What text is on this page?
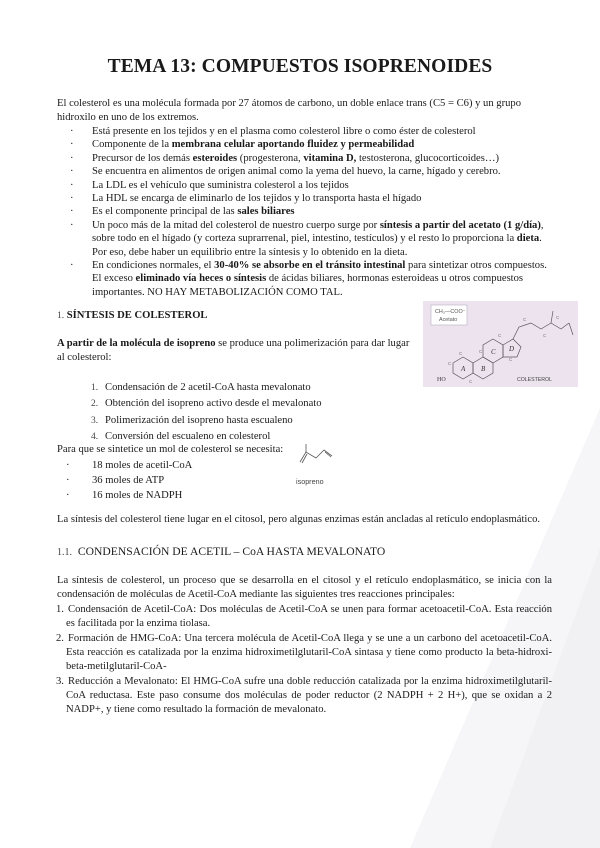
TEMA 13: COMPUESTOS ISOPRENOIDES
El colesterol es una molécula formada por 27 átomos de carbono, un doble enlace trans (C5 = C6) y un grupo hidroxilo en uno de los extremos.
· Está presente en los tejidos y en el plasma como colesterol libre o como éster de colesterol
· Componente de la membrana celular aportando fluidez y permeabilidad
· Precursor de los demás esteroides (progesterona, vitamina D, testosterona, glucocorticoides…)
· Se encuentra en alimentos de origen animal como la yema del huevo, la carne, hígado y cerebro.
· La LDL es el vehículo que suministra colesterol a los tejidos
· La HDL se encarga de eliminarlo de los tejidos y lo transporta hasta el hígado
· Es el componente principal de las sales biliares
· Un poco más de la mitad del colesterol de nuestro cuerpo surge por síntesis a partir del acetato (1 g/día), sobre todo en el hígado (y corteza suprarrenal, piel, intestino, testículos) y el resto lo proporciona la dieta. Por eso, debe haber un equilibrio entre la síntesis y lo obtenido en la dieta.
· En condiciones normales, el 30-40% se absorbe en el tránsito intestinal para sintetizar otros compuestos. El exceso eliminado vía heces o síntesis de ácidas biliares, hormonas esteroideas u otros compuestos importantes. NO HAY METABOLIZACIÓN COMO TAL.
1. SÍNTESIS DE COLESTEROL
A partir de la molécula de isopreno se produce una polimerización para dar lugar al colesterol:
CH₃—COO⁻
Acetato
C	C
C
C
C
C
C
C
C
A B
C D
HO	COLESTEROL
1. Condensación de 2 acetil-CoA hasta mevalonato
2. Obtención del isopreno activo desde el mevalonato
3. Polimerización del isopreno hasta escualeno
4. Conversión del escualeno en colesterol
Para que se sintetice un mol de colesterol se necesita:
· 18 moles de acetil-CoA
· 36 moles de ATP
· 16 moles de NADPH
isopreno
La síntesis del colesterol tiene lugar en el citosol, pero algunas enzimas están ancladas al retículo endoplasmático.
1.1. CONDENSACIÓN DE ACETIL – CoA HASTA MEVALONATO
La síntesis de colesterol, un proceso que se desarrolla en el citosol y el retículo endoplasmático, se inicia con la condensación de moléculas de Acetil-CoA mediante las siguientes tres reacciones principales:
1. Condensación de Acetil-CoA: Dos moléculas de Acetil-CoA se unen para formar acetoacetil-CoA. Esta reacción es facilitada por la enzima tiolasa.
2. Formación de HMG-CoA: Una tercera molécula de Acetil-CoA llega y se une a un carbono del acetoacetil-CoA. Esta reacción es catalizada por la enzima hidroximetilglutaril-CoA sintasa y tiene como producto la beta-hidroxi-beta-metilglutaril-CoA-
3. Reducción a Mevalonato: El HMG-CoA sufre una doble reducción catalizada por la enzima hidroximetilglutaril-CoA reductasa. Este paso consume dos moléculas de poder reductor (2 NADPH + 2 H+), que se oxidan a 2 NADP+, y tiene como resultado la formación de mevalonato.
